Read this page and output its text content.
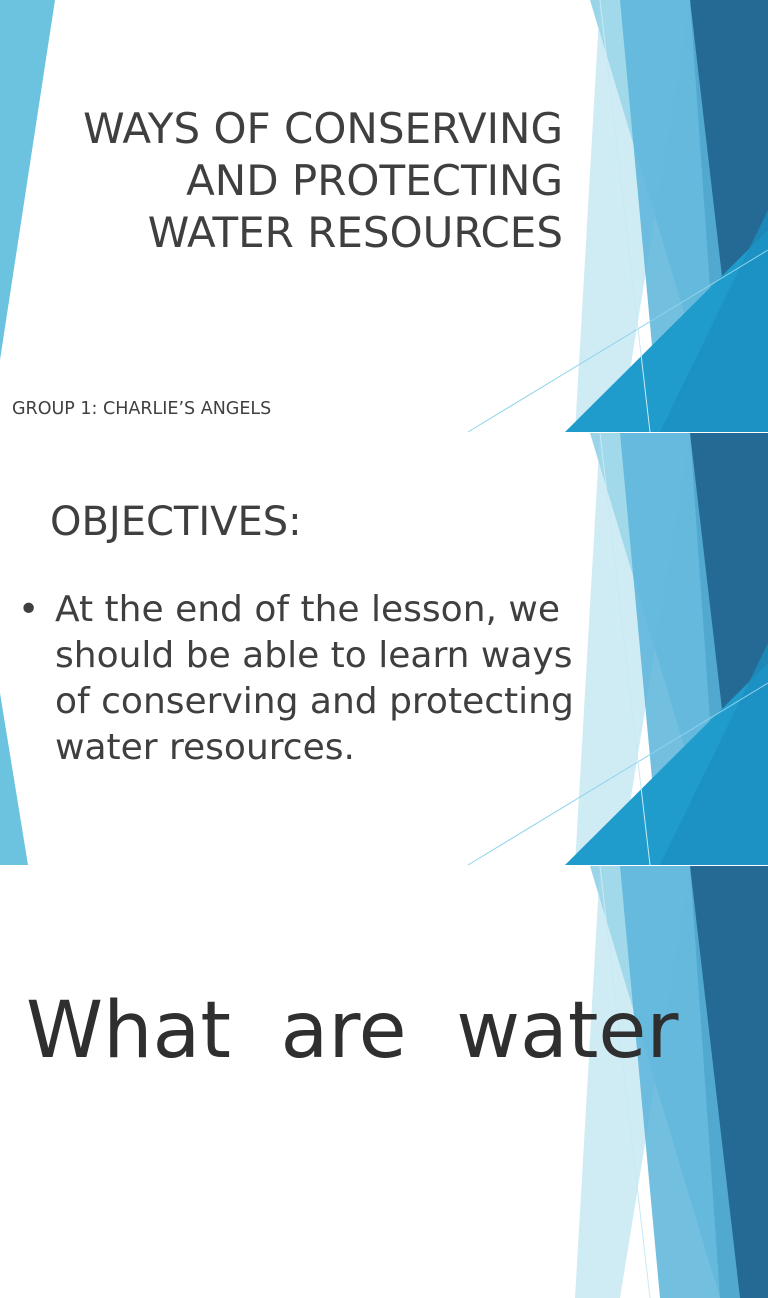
WAYS OF CONSERVING AND PROTECTING WATER RESOURCES

GROUP 1: CHARLIE’S ANGELS

OBJECTIVES:
• At the end of the lesson, we should be able to learn ways of conserving and protecting water resources.
What  are  water
